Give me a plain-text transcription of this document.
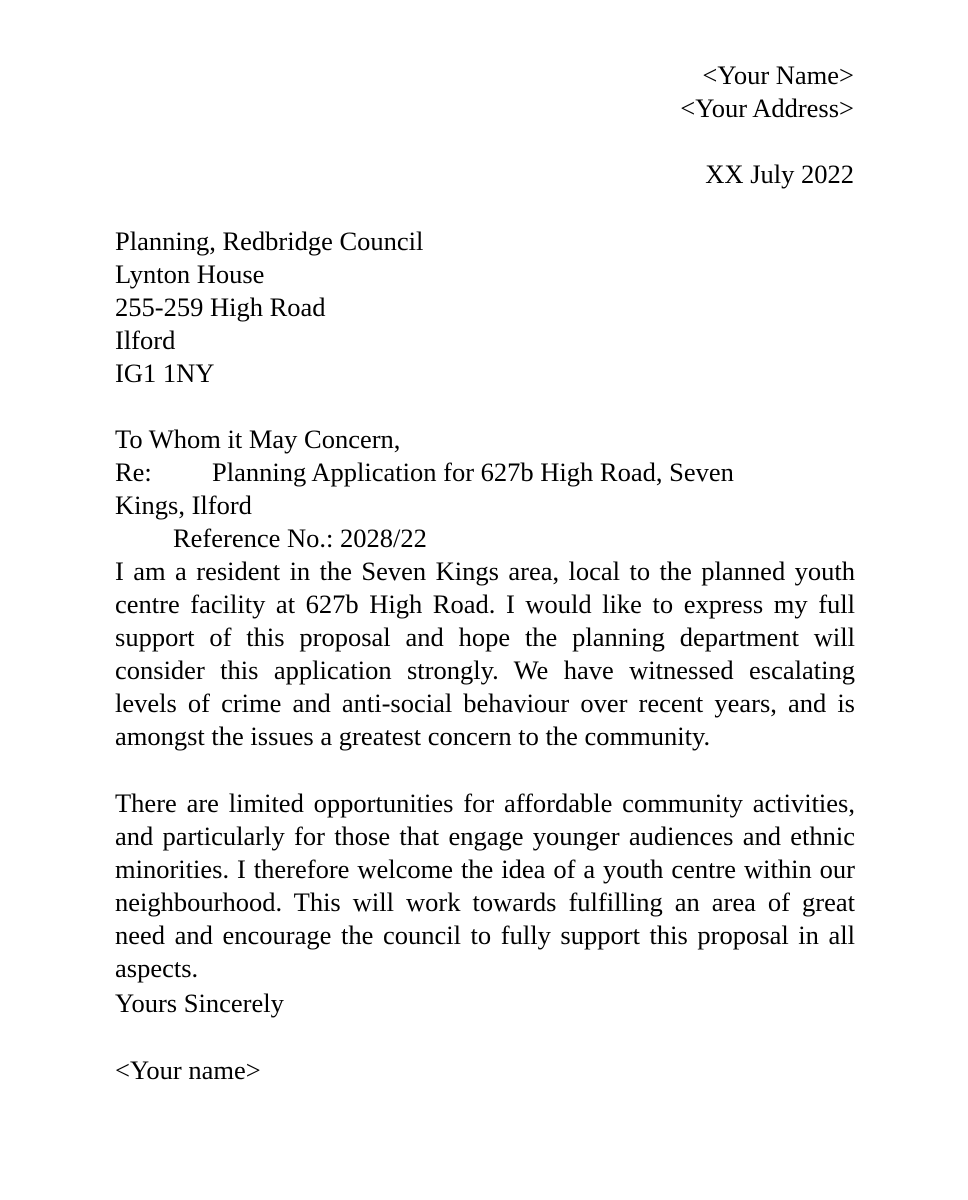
<Your Name>

<Your Address>

XX July 2022

Planning, Redbridge Council

Lynton House

255-259 High Road

Ilford

IG1 1NY

To Whom it May Concern,

Re:	Planning Application for 627b High Road, Seven Kings, Ilford

Reference No.: 2028/22

I am a resident in the Seven Kings area, local to the planned youth centre facility at 627b High Road. I would like to express my full support of this proposal and hope the planning department will consider this application strongly. We have witnessed escalating levels of crime and anti-social behaviour over recent years, and is amongst the issues a greatest concern to the community.

There are limited opportunities for affordable community activities, and particularly for those that engage younger audiences and ethnic minorities. I therefore welcome the idea of a youth centre within our neighbourhood. This will work towards fulfilling an area of great need and encourage the council to fully support this proposal in all aspects.

Yours Sincerely

<Your name>
